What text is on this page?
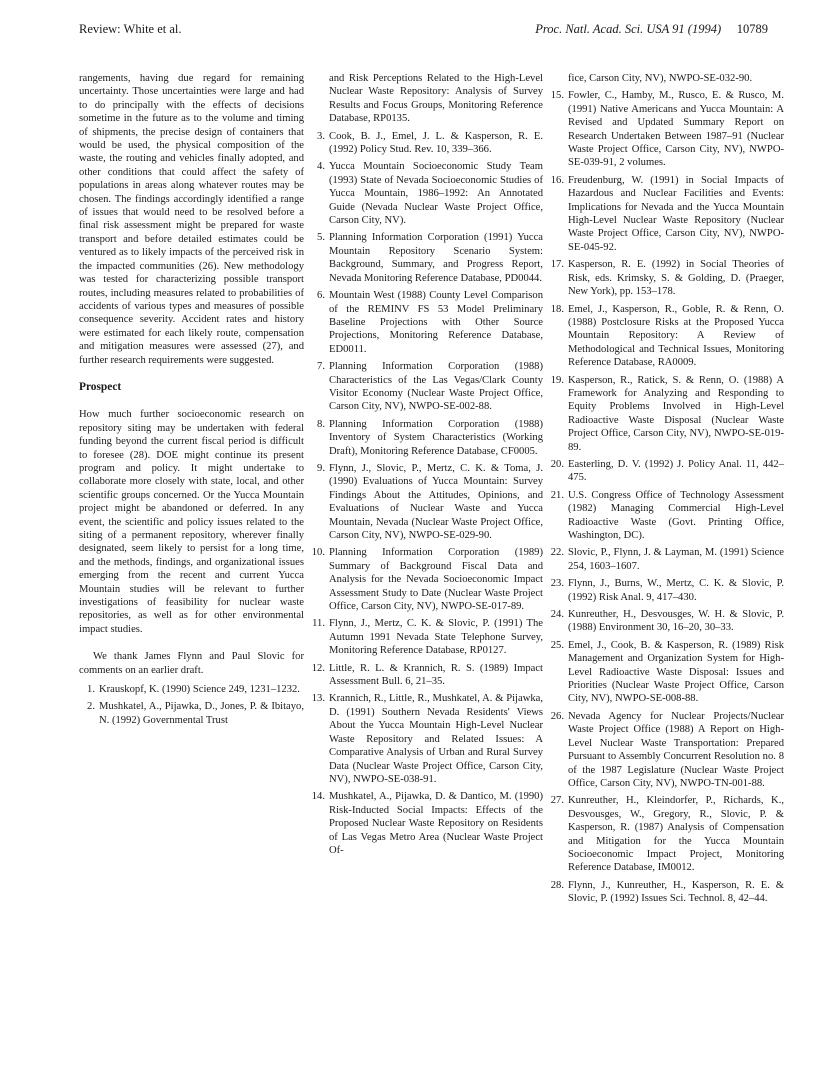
Review: White et al.	Proc. Natl. Acad. Sci. USA 91 (1994) 10789

rangements, having due regard for remaining uncertainty. Those uncertainties were large and had to do principally with the effects of decisions sometime in the future as to the volume and timing of shipments, the precise design of containers that would be used, the physical composition of the waste, the routing and vehicles finally adopted, and other conditions that could affect the safety of populations in areas along whatever routes may be chosen. The findings accordingly identified a range of issues that would need to be resolved before a final risk assessment might be prepared for waste transport and before detailed estimates could be ventured as to likely impacts of the perceived risk in the impacted communities (26). New methodology was tested for characterizing possible transport routes, including measures related to probabilities of accidents of various types and measures of possible consequence severity. Accident rates and history were estimated for each likely route, compensation and mitigation measures were assessed (27), and further research requirements were suggested.

Prospect

How much further socioeconomic research on repository siting may be undertaken with federal funding beyond the current fiscal period is difficult to foresee (28). DOE might continue its present program and policy. It might undertake to collaborate more closely with state, local, and other scientific groups concerned. Or the Yucca Mountain project might be abandoned or deferred. In any event, the scientific and policy issues related to the siting of a permanent repository, wherever finally designated, seem likely to persist for a long time, and the methods, findings, and organizational issues emerging from the recent and current Yucca Mountain studies will be relevant to further investigations of feasibility for nuclear waste repositories, as well as for other environmental impact studies.

We thank James Flynn and Paul Slovic for comments on an earlier draft.

1. Krauskopf, K. (1990) Science 249, 1231–1232.
2. Mushkatel, A., Pijawka, D., Jones, P. & Ibitayo, N. (1992) Governmental Trust
and Risk Perceptions Related to the High-Level Nuclear Waste Repository: Analysis of Survey Results and Focus Groups, Monitoring Reference Database, RP0135.
3. Cook, B. J., Emel, J. L. & Kasperson, R. E. (1992) Policy Stud. Rev. 10, 339–366.
4. Yucca Mountain Socioeconomic Study Team (1993) State of Nevada Socioeconomic Studies of Yucca Mountain, 1986–1992: An Annotated Guide (Nevada Nuclear Waste Project Office, Carson City, NV).
5. Planning Information Corporation (1991) Yucca Mountain Repository Scenario System: Background, Summary, and Progress Report, Nevada Monitoring Reference Database, PD0044.
6. Mountain West (1988) County Level Comparison of the REMINV FS 53 Model Preliminary Baseline Projections with Other Source Projections, Monitoring Reference Database, ED0011.
7. Planning Information Corporation (1988) Characteristics of the Las Vegas/Clark County Visitor Economy (Nuclear Waste Project Office, Carson City, NV), NWPO-SE-002-88.
8. Planning Information Corporation (1988) Inventory of System Characteristics (Working Draft), Monitoring Reference Database, CF0005.
9. Flynn, J., Slovic, P., Mertz, C. K. & Toma, J. (1990) Evaluations of Yucca Mountain: Survey Findings About the Attitudes, Opinions, and Evaluations of Nuclear Waste and Yucca Mountain, Nevada (Nuclear Waste Project Office, Carson City, NV), NWPO-SE-029-90.
10. Planning Information Corporation (1989) Summary of Background Fiscal Data and Analysis for the Nevada Socioeconomic Impact Assessment Study to Date (Nuclear Waste Project Office, Carson City, NV), NWPO-SE-017-89.
11. Flynn, J., Mertz, C. K. & Slovic, P. (1991) The Autumn 1991 Nevada State Telephone Survey, Monitoring Reference Database, RP0127.
12. Little, R. L. & Krannich, R. S. (1989) Impact Assessment Bull. 6, 21–35.
13. Krannich, R., Little, R., Mushkatel, A. & Pijawka, D. (1991) Southern Nevada Residents' Views About the Yucca Mountain High-Level Nuclear Waste Repository and Related Issues: A Comparative Analysis of Urban and Rural Survey Data (Nuclear Waste Project Office, Carson City, NV), NWPO-SE-038-91.
14. Mushkatel, A., Pijawka, D. & Dantico, M. (1990) Risk-Inducted Social Impacts: Effects of the Proposed Nuclear Waste Repository on Residents of Las Vegas Metro Area (Nuclear Waste Project Of-
fice, Carson City, NV), NWPO-SE-032-90.
15. Fowler, C., Hamby, M., Rusco, E. & Rusco, M. (1991) Native Americans and Yucca Mountain: A Revised and Updated Summary Report on Research Undertaken Between 1987–91 (Nuclear Waste Project Office, Carson City, NV), NWPO-SE-039-91, 2 volumes.
16. Freudenburg, W. (1991) in Social Impacts of Hazardous and Nuclear Facilities and Events: Implications for Nevada and the Yucca Mountain High-Level Nuclear Waste Repository (Nuclear Waste Project Office, Carson City, NV), NWPO-SE-045-92.
17. Kasperson, R. E. (1992) in Social Theories of Risk, eds. Krimsky, S. & Golding, D. (Praeger, New York), pp. 153–178.
18. Emel, J., Kasperson, R., Goble, R. & Renn, O. (1988) Postclosure Risks at the Proposed Yucca Mountain Repository: A Review of Methodological and Technical Issues, Monitoring Reference Database, RA0009.
19. Kasperson, R., Ratick, S. & Renn, O. (1988) A Framework for Analyzing and Responding to Equity Problems Involved in High-Level Radioactive Waste Disposal (Nuclear Waste Project Office, Carson City, NV), NWPO-SE-019-89.
20. Easterling, D. V. (1992) J. Policy Anal. 11, 442–475.
21. U.S. Congress Office of Technology Assessment (1982) Managing Commercial High-Level Radioactive Waste (Govt. Printing Office, Washington, DC).
22. Slovic, P., Flynn, J. & Layman, M. (1991) Science 254, 1603–1607.
23. Flynn, J., Burns, W., Mertz, C. K. & Slovic, P. (1992) Risk Anal. 9, 417–430.
24. Kunreuther, H., Desvousges, W. H. & Slovic, P. (1988) Environment 30, 16–20, 30–33.
25. Emel, J., Cook, B. & Kasperson, R. (1989) Risk Management and Organization System for High-Level Radioactive Waste Disposal: Issues and Priorities (Nuclear Waste Project Office, Carson City, NV), NWPO-SE-008-88.
26. Nevada Agency for Nuclear Projects/Nuclear Waste Project Office (1988) A Report on High-Level Nuclear Waste Transportation: Prepared Pursuant to Assembly Concurrent Resolution no. 8 of the 1987 Legislature (Nuclear Waste Project Office, Carson City, NV), NWPO-TN-001-88.
27. Kunreuther, H., Kleindorfer, P., Richards, K., Desvousges, W., Gregory, R., Slovic, P. & Kasperson, R. (1987) Analysis of Compensation and Mitigation for the Yucca Mountain Socioeconomic Impact Project, Monitoring Reference Database, IM0012.
28. Flynn, J., Kunreuther, H., Kasperson, R. E. & Slovic, P. (1992) Issues Sci. Technol. 8, 42–44.
